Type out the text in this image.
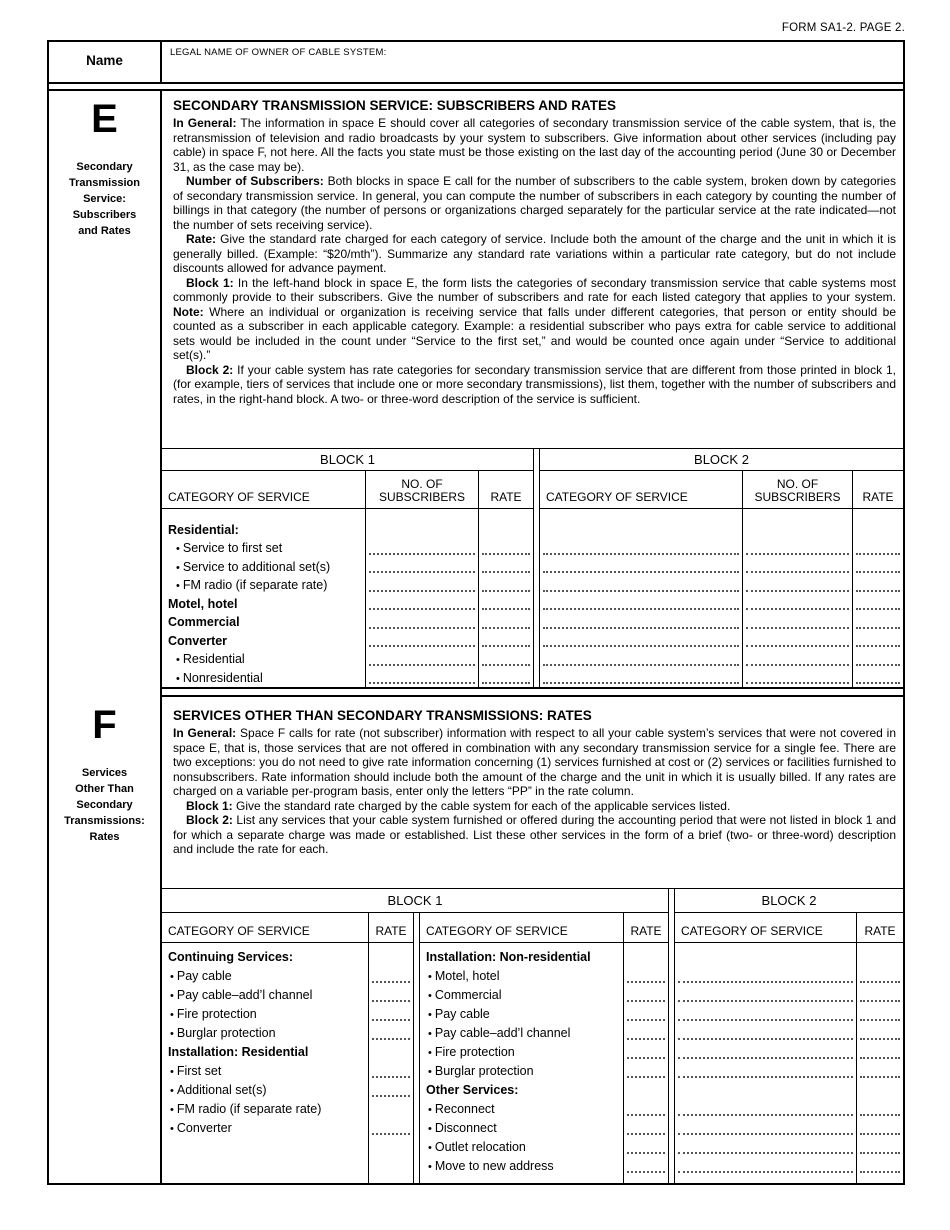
FORM SA1-2. PAGE 2.
Name
LEGAL NAME OF OWNER OF CABLE SYSTEM:
E
Secondary
Transmission
Service:
Subscribers
and Rates
F
Services
Other Than
Secondary
Transmissions:
Rates
SECONDARY TRANSMISSION SERVICE: SUBSCRIBERS AND RATES

In General: The information in space E should cover all categories of secondary transmission service of the cable system, that is, the retransmission of television and radio broadcasts by your system to subscribers. Give information about other services (including pay cable) in space F, not here. All the facts you state must be those existing on the last day of the accounting period (June 30 or December 31, as the case may be).

Number of Subscribers: Both blocks in space E call for the number of subscribers to the cable system, broken down by categories of secondary transmission service. In general, you can compute the number of subscribers in each category by counting the number of billings in that category (the number of persons or organizations charged separately for the particular service at the rate indicated—not the number of sets receiving service).

Rate: Give the standard rate charged for each category of service. Include both the amount of the charge and the unit in which it is generally billed. (Example: “$20/mth”). Summarize any standard rate variations within a particular rate category, but do not include discounts allowed for advance payment.

Block 1: In the left-hand block in space E, the form lists the categories of secondary transmission service that cable systems most commonly provide to their subscribers. Give the number of subscribers and rate for each listed category that applies to your system. Note: Where an individual or organization is receiving service that falls under different categories, that person or entity should be counted as a subscriber in each applicable category. Example: a residential subscriber who pays extra for cable service to additional sets would be included in the count under “Service to the first set,” and would be counted once again under “Service to additional set(s).”

Block 2: If your cable system has rate categories for secondary transmission service that are different from those printed in block 1, (for example, tiers of services that include one or more secondary transmissions), list them, together with the number of subscribers and rates, in the right-hand block. A two- or three-word description of the service is sufficient.

BLOCK 1
CATEGORY OF SERVICE
Residential:
• Service to first set
• Service to additional set(s)
• FM radio (if separate rate)
Motel, hotel
Commercial
Converter
• Residential
• Nonresidential
NO. OF
SUBSCRIBERS RATE
BLOCK 2
CATEGORY OF SERVICE
NO. OF
SUBSCRIBERS RATE
SERVICES OTHER THAN SECONDARY TRANSMISSIONS: RATES

In General: Space F calls for rate (not subscriber) information with respect to all your cable system’s services that were not covered in space E, that is, those services that are not offered in combination with any secondary transmission service for a single fee. There are two exceptions: you do not need to give rate information concerning (1) services furnished at cost or (2) services or facilities furnished to nonsubscribers. Rate information should include both the amount of the charge and the unit in which it is usually billed. If any rates are charged on a variable per-program basis, enter only the letters “PP” in the rate column.

Block 1: Give the standard rate charged by the cable system for each of the applicable services listed.

Block 2: List any services that your cable system furnished or offered during the accounting period that were not listed in block 1 and for which a separate charge was made or established. List these other services in the form of a brief (two- or three-word) description and include the rate for each.

BLOCK 1
CATEGORY OF SERVICE
Continuing Services:
• Pay cable
• Pay cable–add’l channel
• Fire protection
• Burglar protection
Installation: Residential
• First set
• Additional set(s)
• FM radio (if separate rate)
• Converter
RATE CATEGORY OF SERVICE
Installation: Non-residential
• Motel, hotel
• Commercial
• Pay cable
• Pay cable–add’l channel
• Fire protection
• Burglar protection
Other Services:
• Reconnect
• Disconnect
• Outlet relocation
• Move to new address
RATE
BLOCK 2
CATEGORY OF SERVICE	RATE
